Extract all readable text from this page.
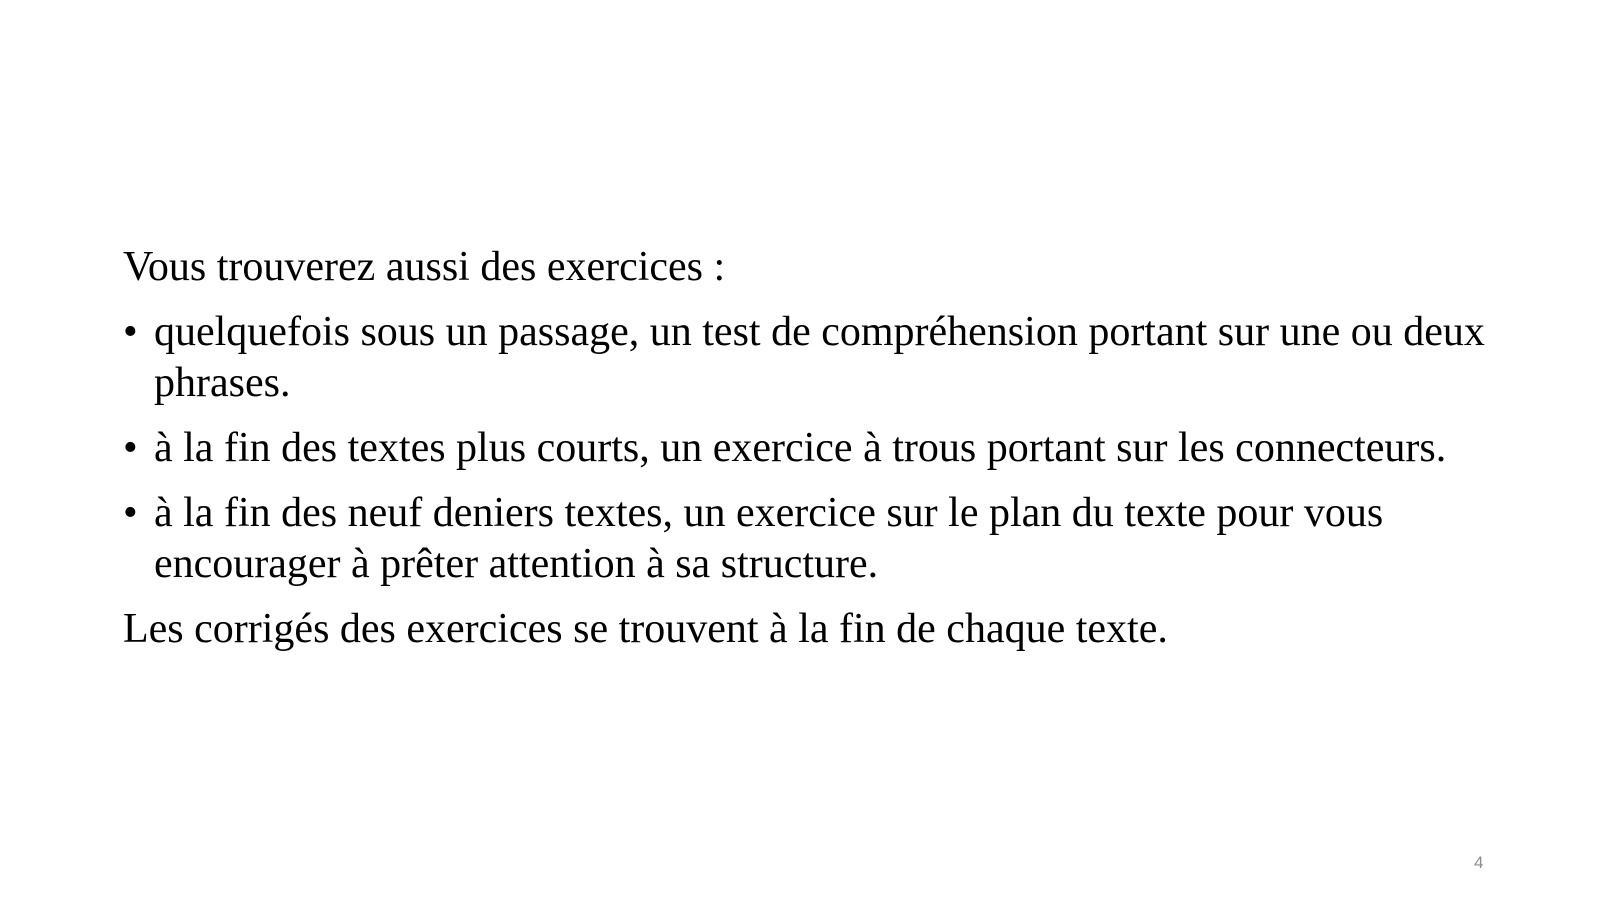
Vous trouverez aussi des exercices :

• quelquefois sous un passage, un test de compréhension portant sur une ou deux phrases.
• à la fin des textes plus courts, un exercice à trous portant sur les connecteurs.
• à la fin des neuf deniers textes, un exercice sur le plan du texte pour vous encourager à prêter attention à sa structure.

Les corrigés des exercices se trouvent à la fin de chaque texte.

4
